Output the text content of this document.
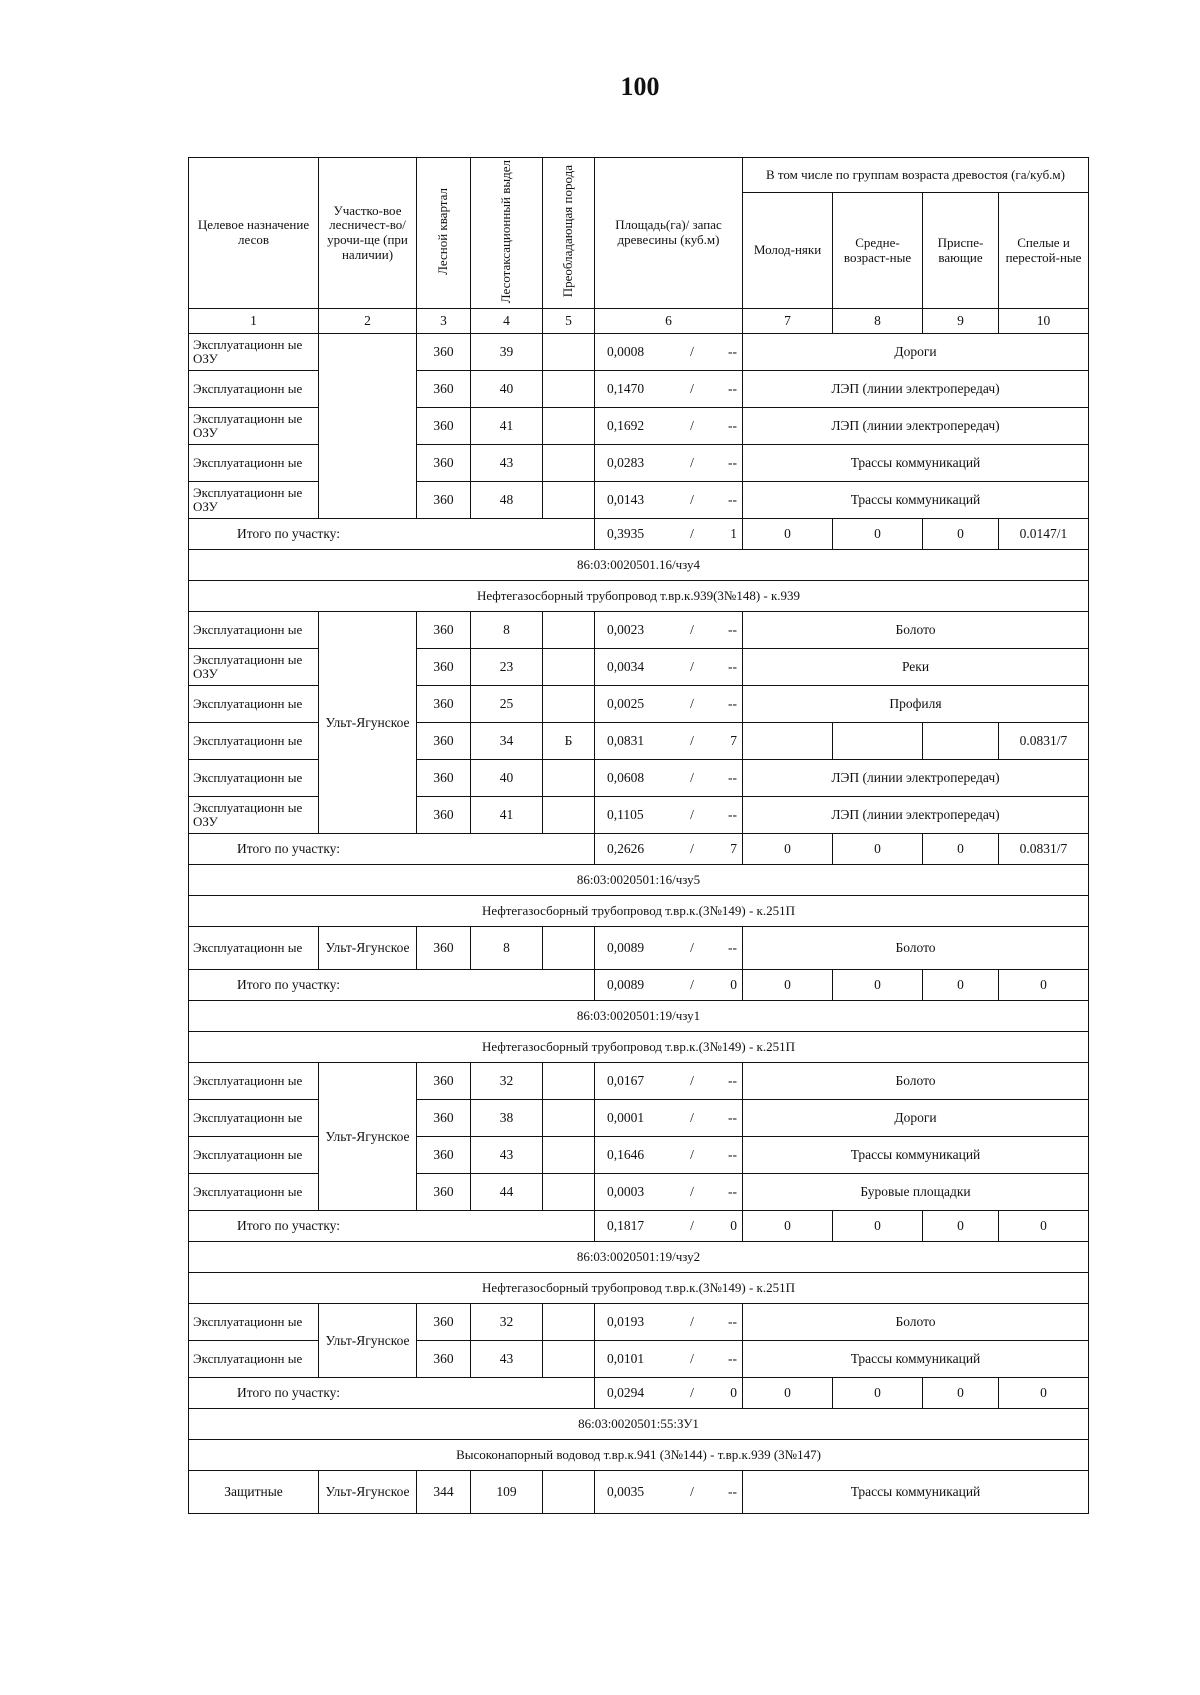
100
Целевое назначение лесов	Участко-вое лесничест-во/урочи-ще (при наличии)	Лесной квартал	Лесотаксационный выдел	Преобладающая порода	Площадь(га)/ запас древесины (куб.м)	В том числе по группам возраста древостоя (га/куб.м)			
						Молод-няки	Средне-возраст-ные	Приспе-вающие	Спелые и перестой-ные
1	2	3	4	5	6	7	8	9	10
Эксплуатационн ые ОЗУ		360	39		0,0008 / --	Дороги			
Эксплуатационн ые		360	40		0,1470 / --	ЛЭП (линии электропередач)			
Эксплуатационн ые ОЗУ		360	41		0,1692 / --	ЛЭП (линии электропередач)			
Эксплуатационн ые		360	43		0,0283 / --	Трассы коммуникаций			
Эксплуатационн ые ОЗУ		360	48		0,0143 / --	Трассы коммуникаций			
Итого по участку:					0,3935 / 1	0	0	0	0.0147/1
86:03:0020501.16/чзу4									
Нефтегазосборный трубопровод т.вр.к.939(3№148) - к.939									
Эксплуатационн ые	Ульт-Ягунское	360	8		0,0023 / --	Болото			
Эксплуатационн ые ОЗУ		360	23		0,0034 / --	Реки			
Эксплуатационн ые		360	25		0,0025 / --	Профиля			
Эксплуатационн ые		360	34	Б	0,0831 / 7				0.0831/7
Эксплуатационн ые		360	40		0,0608 / --	ЛЭП (линии электропередач)			
Эксплуатационн ые ОЗУ		360	41		0,1105 / --	ЛЭП (линии электропередач)			
Итого по участку:					0,2626 / 7	0	0	0	0.0831/7
86:03:0020501:16/чзу5									
Нефтегазосборный трубопровод т.вр.к.(3№149) - к.251П									
Эксплуатационн ые	Ульт-Ягунское	360	8		0,0089 / --	Болото			
Итого по участку:					0,0089 / 0	0	0	0	0
86:03:0020501:19/чзу1									
Нефтегазосборный трубопровод т.вр.к.(3№149) - к.251П									
Эксплуатационн ые	Ульт-Ягунское	360	32		0,0167 / --	Болото			
Эксплуатационн ые		360	38		0,0001 / --	Дороги			
Эксплуатационн ые		360	43		0,1646 / --	Трассы коммуникаций			
Эксплуатационн ые		360	44		0,0003 / --	Буровые площадки			
Итого по участку:					0,1817 / 0	0	0	0	0
86:03:0020501:19/чзу2									
Нефтегазосборный трубопровод т.вр.к.(3№149) - к.251П									
Эксплуатационн ые	Ульт-Ягунское	360	32		0,0193 / --	Болото			
Эксплуатационн ые		360	43		0,0101 / --	Трассы коммуникаций			
Итого по участку:					0,0294 / 0	0	0	0	0
86:03:0020501:55:ЗУ1									
Высоконапорный водовод т.вр.к.941 (3№144) - т.вр.к.939 (3№147)									
Защитные	Ульт-Ягунское	344	109		0,0035 / --	Трассы коммуникаций			
